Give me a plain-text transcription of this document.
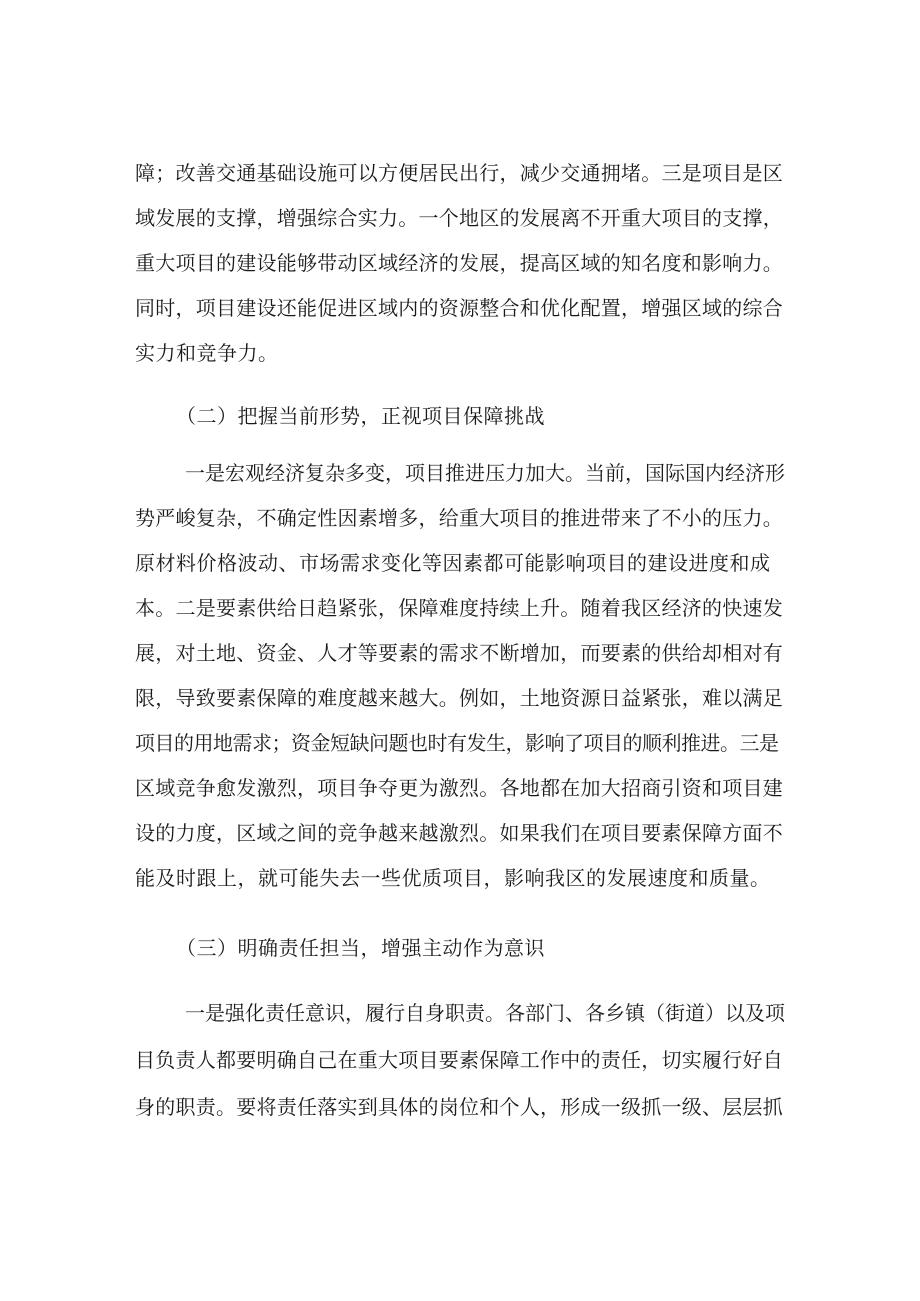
障；改善交通基础设施可以方便居民出行，减少交通拥堵。三是项目是区
域发展的支撑，增强综合实力。一个地区的发展离不开重大项目的支撑，
重大项目的建设能够带动区域经济的发展，提高区域的知名度和影响力。
同时，项目建设还能促进区域内的资源整合和优化配置，增强区域的综合
实力和竞争力。
（二）把握当前形势，正视项目保障挑战
一是宏观经济复杂多变，项目推进压力加大。当前，国际国内经济形
势严峻复杂，不确定性因素增多，给重大项目的推进带来了不小的压力。
原材料价格波动、市场需求变化等因素都可能影响项目的建设进度和成
本。二是要素供给日趋紧张，保障难度持续上升。随着我区经济的快速发
展，对土地、资金、人才等要素的需求不断增加，而要素的供给却相对有
限，导致要素保障的难度越来越大。例如，土地资源日益紧张，难以满足
项目的用地需求；资金短缺问题也时有发生，影响了项目的顺利推进。三是
区域竞争愈发激烈，项目争夺更为激烈。各地都在加大招商引资和项目建
设的力度，区域之间的竞争越来越激烈。如果我们在项目要素保障方面不
能及时跟上，就可能失去一些优质项目，影响我区的发展速度和质量。
（三）明确责任担当，增强主动作为意识
一是强化责任意识，履行自身职责。各部门、各乡镇（街道）以及项
目负责人都要明确自己在重大项目要素保障工作中的责任，切实履行好自
身的职责。要将责任落实到具体的岗位和个人，形成一级抓一级、层层抓
